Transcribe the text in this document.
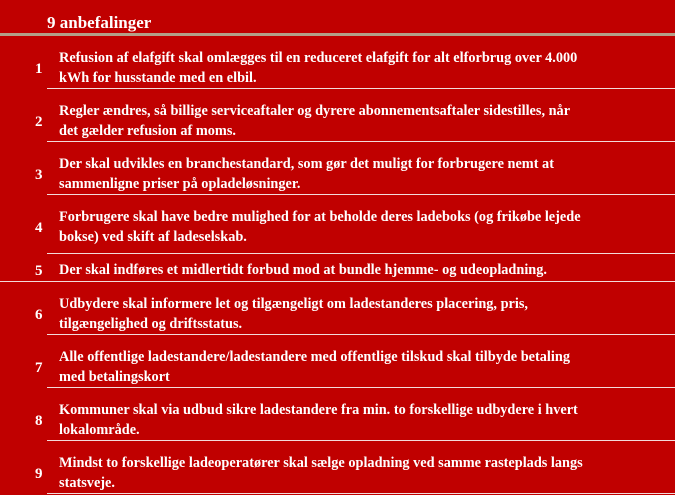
9 anbefalinger
1
Refusion af elafgift skal omlægges til en reduceret elafgift for alt elforbrug over 4.000
kWh for husstande med en elbil.
2
Regler ændres, så billige serviceaftaler og dyrere abonnementsaftaler sidestilles, når
det gælder refusion af moms.
3
Der skal udvikles en branchestandard, som gør det muligt for forbrugere nemt at
sammenligne priser på opladeløsninger.
4
Forbrugere skal have bedre mulighed for at beholde deres ladeboks (og frikøbe lejede
bokse) ved skift af ladeselskab.
5 Der skal indføres et midlertidt forbud mod at bundle hjemme- og udeopladning.
6
Udbydere skal informere let og tilgængeligt om ladestanderes placering, pris,
tilgængelighed og driftsstatus.
7
Alle offentlige ladestandere/ladestandere med offentlige tilskud skal tilbyde betaling
med betalingskort
8
Kommuner skal via udbud sikre ladestandere fra min. to forskellige udbydere i hvert
lokalområde.
9
Mindst to forskellige ladeoperatører skal sælge opladning ved samme rasteplads langs
statsveje.
